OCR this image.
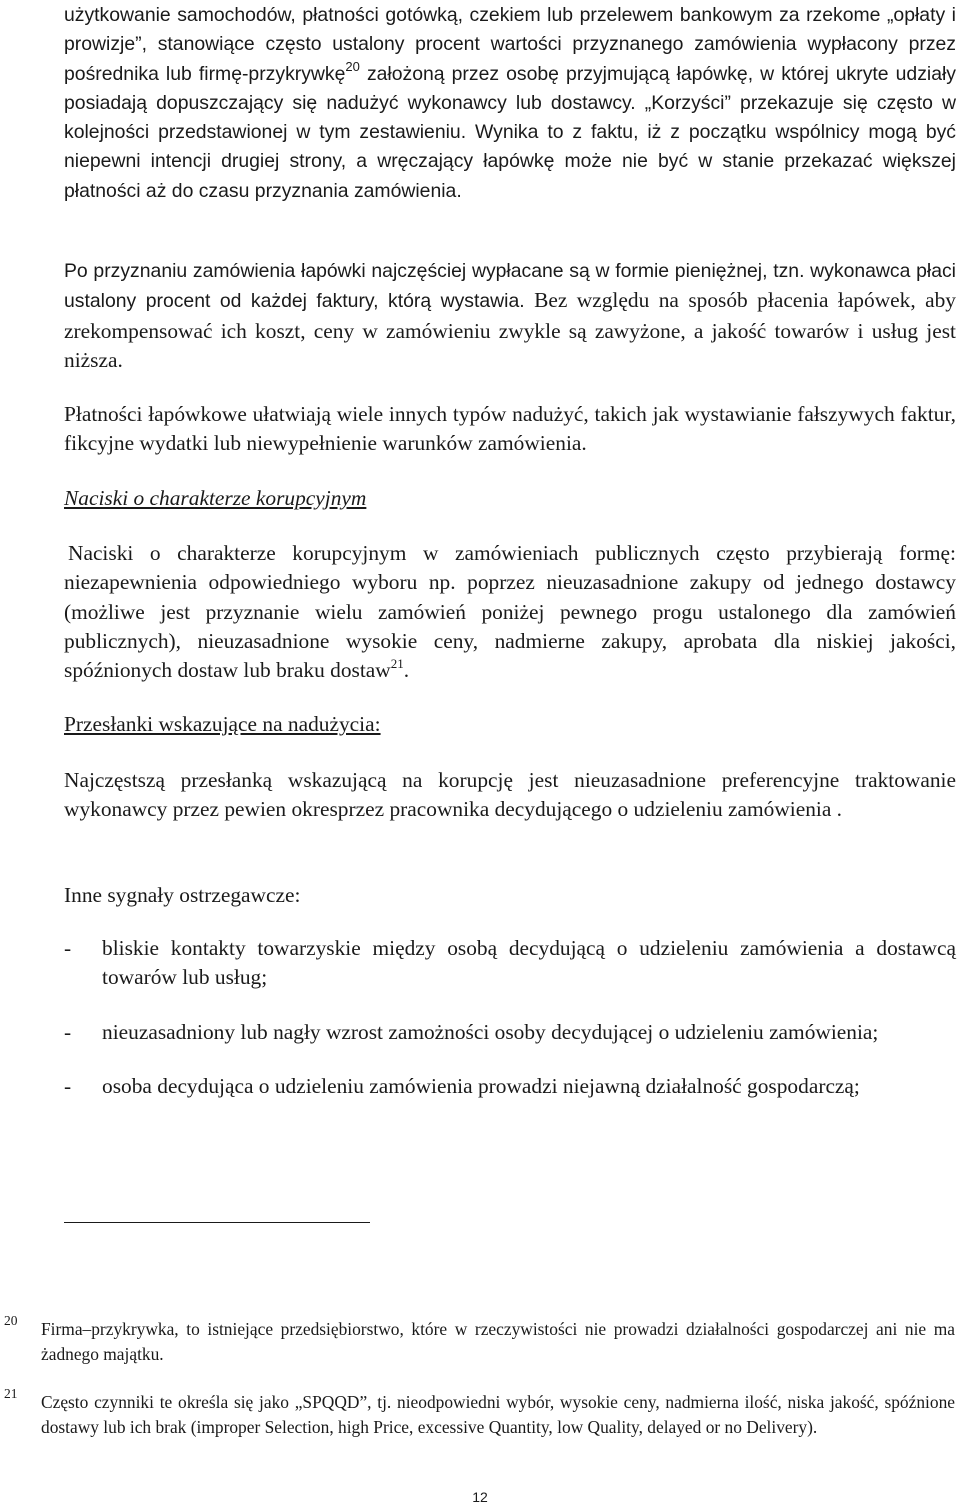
użytkowanie samochodów, płatności gotówką, czekiem lub przelewem bankowym za rzekome „opłaty i prowizje”, stanowiące często ustalony procent wartości przyznanego zamówienia wypłacony przez pośrednika lub firmę-przykrywkę$^{20}$ założoną przez osobę przyjmującą łapówkę, w której ukryte udziały posiadają dopuszczający się nadużyć wykonawcy lub dostawcy. „Korzyści” przekazuje się często w kolejności przedstawionej w tym zestawieniu. Wynika to z faktu, iż z początku wspólnicy mogą być niepewni intencji drugiej strony, a wręczający łapówkę może nie być w stanie przekazać większej płatności aż do czasu przyznania zamówienia.

Po przyznaniu zamówienia łapówki najczęściej wypłacane są w formie pieniężnej, tzn. wykonawca płaci ustalony procent od każdej faktury, którą wystawia. Bez względu na sposób płacenia łapówek, aby zrekompensować ich koszt, ceny w zamówieniu zwykle są zawyżone, a jakość towarów i usług jest niższa.

Płatności łapówkowe ułatwiają wiele innych typów nadużyć, takich jak wystawianie fałszywych faktur, fikcyjne wydatki lub niewypełnienie warunków zamówienia.

Naciski o charakterze korupcyjnym

Naciski o charakterze korupcyjnym w zamówieniach publicznych często przybierają formę: niezapewnienia odpowiedniego wyboru np. poprzez nieuzasadnione zakupy od jednego dostawcy (możliwe jest przyznanie wielu zamówień poniżej pewnego progu ustalonego dla zamówień publicznych), nieuzasadnione wysokie ceny, nadmierne zakupy, aprobata dla niskiej jakości, spóźnionych dostaw lub braku dostaw$^{21}$.

Przesłanki wskazujące na nadużycia:

Najczęstszą przesłanką wskazującą na korupcję jest nieuzasadnione preferencyjne traktowanie wykonawcy przez pewien okresprzez pracownika decydującego o udzieleniu zamówienia .

Inne sygnały ostrzegawcze:

- bliskie kontakty towarzyskie między osobą decydującą o udzieleniu zamówienia a dostawcą towarów lub usług;
- nieuzasadniony lub nagły wzrost zamożności osoby decydującej o udzieleniu zamówienia;
- osoba decydująca o udzieleniu zamówienia prowadzi niejawną działalność gospodarczą;
20 Firma–przykrywka, to istniejące przedsiębiorstwo, które w rzeczywistości nie prowadzi działalności gospodarczej ani nie ma żadnego majątku.
21 Często czynniki te określa się jako „SPQQD”, tj. nieodpowiedni wybór, wysokie ceny, nadmierna ilość, niska jakość, spóźnione dostawy lub ich brak (improper Selection, high Price, excessive Quantity, low Quality, delayed or no Delivery).
12
